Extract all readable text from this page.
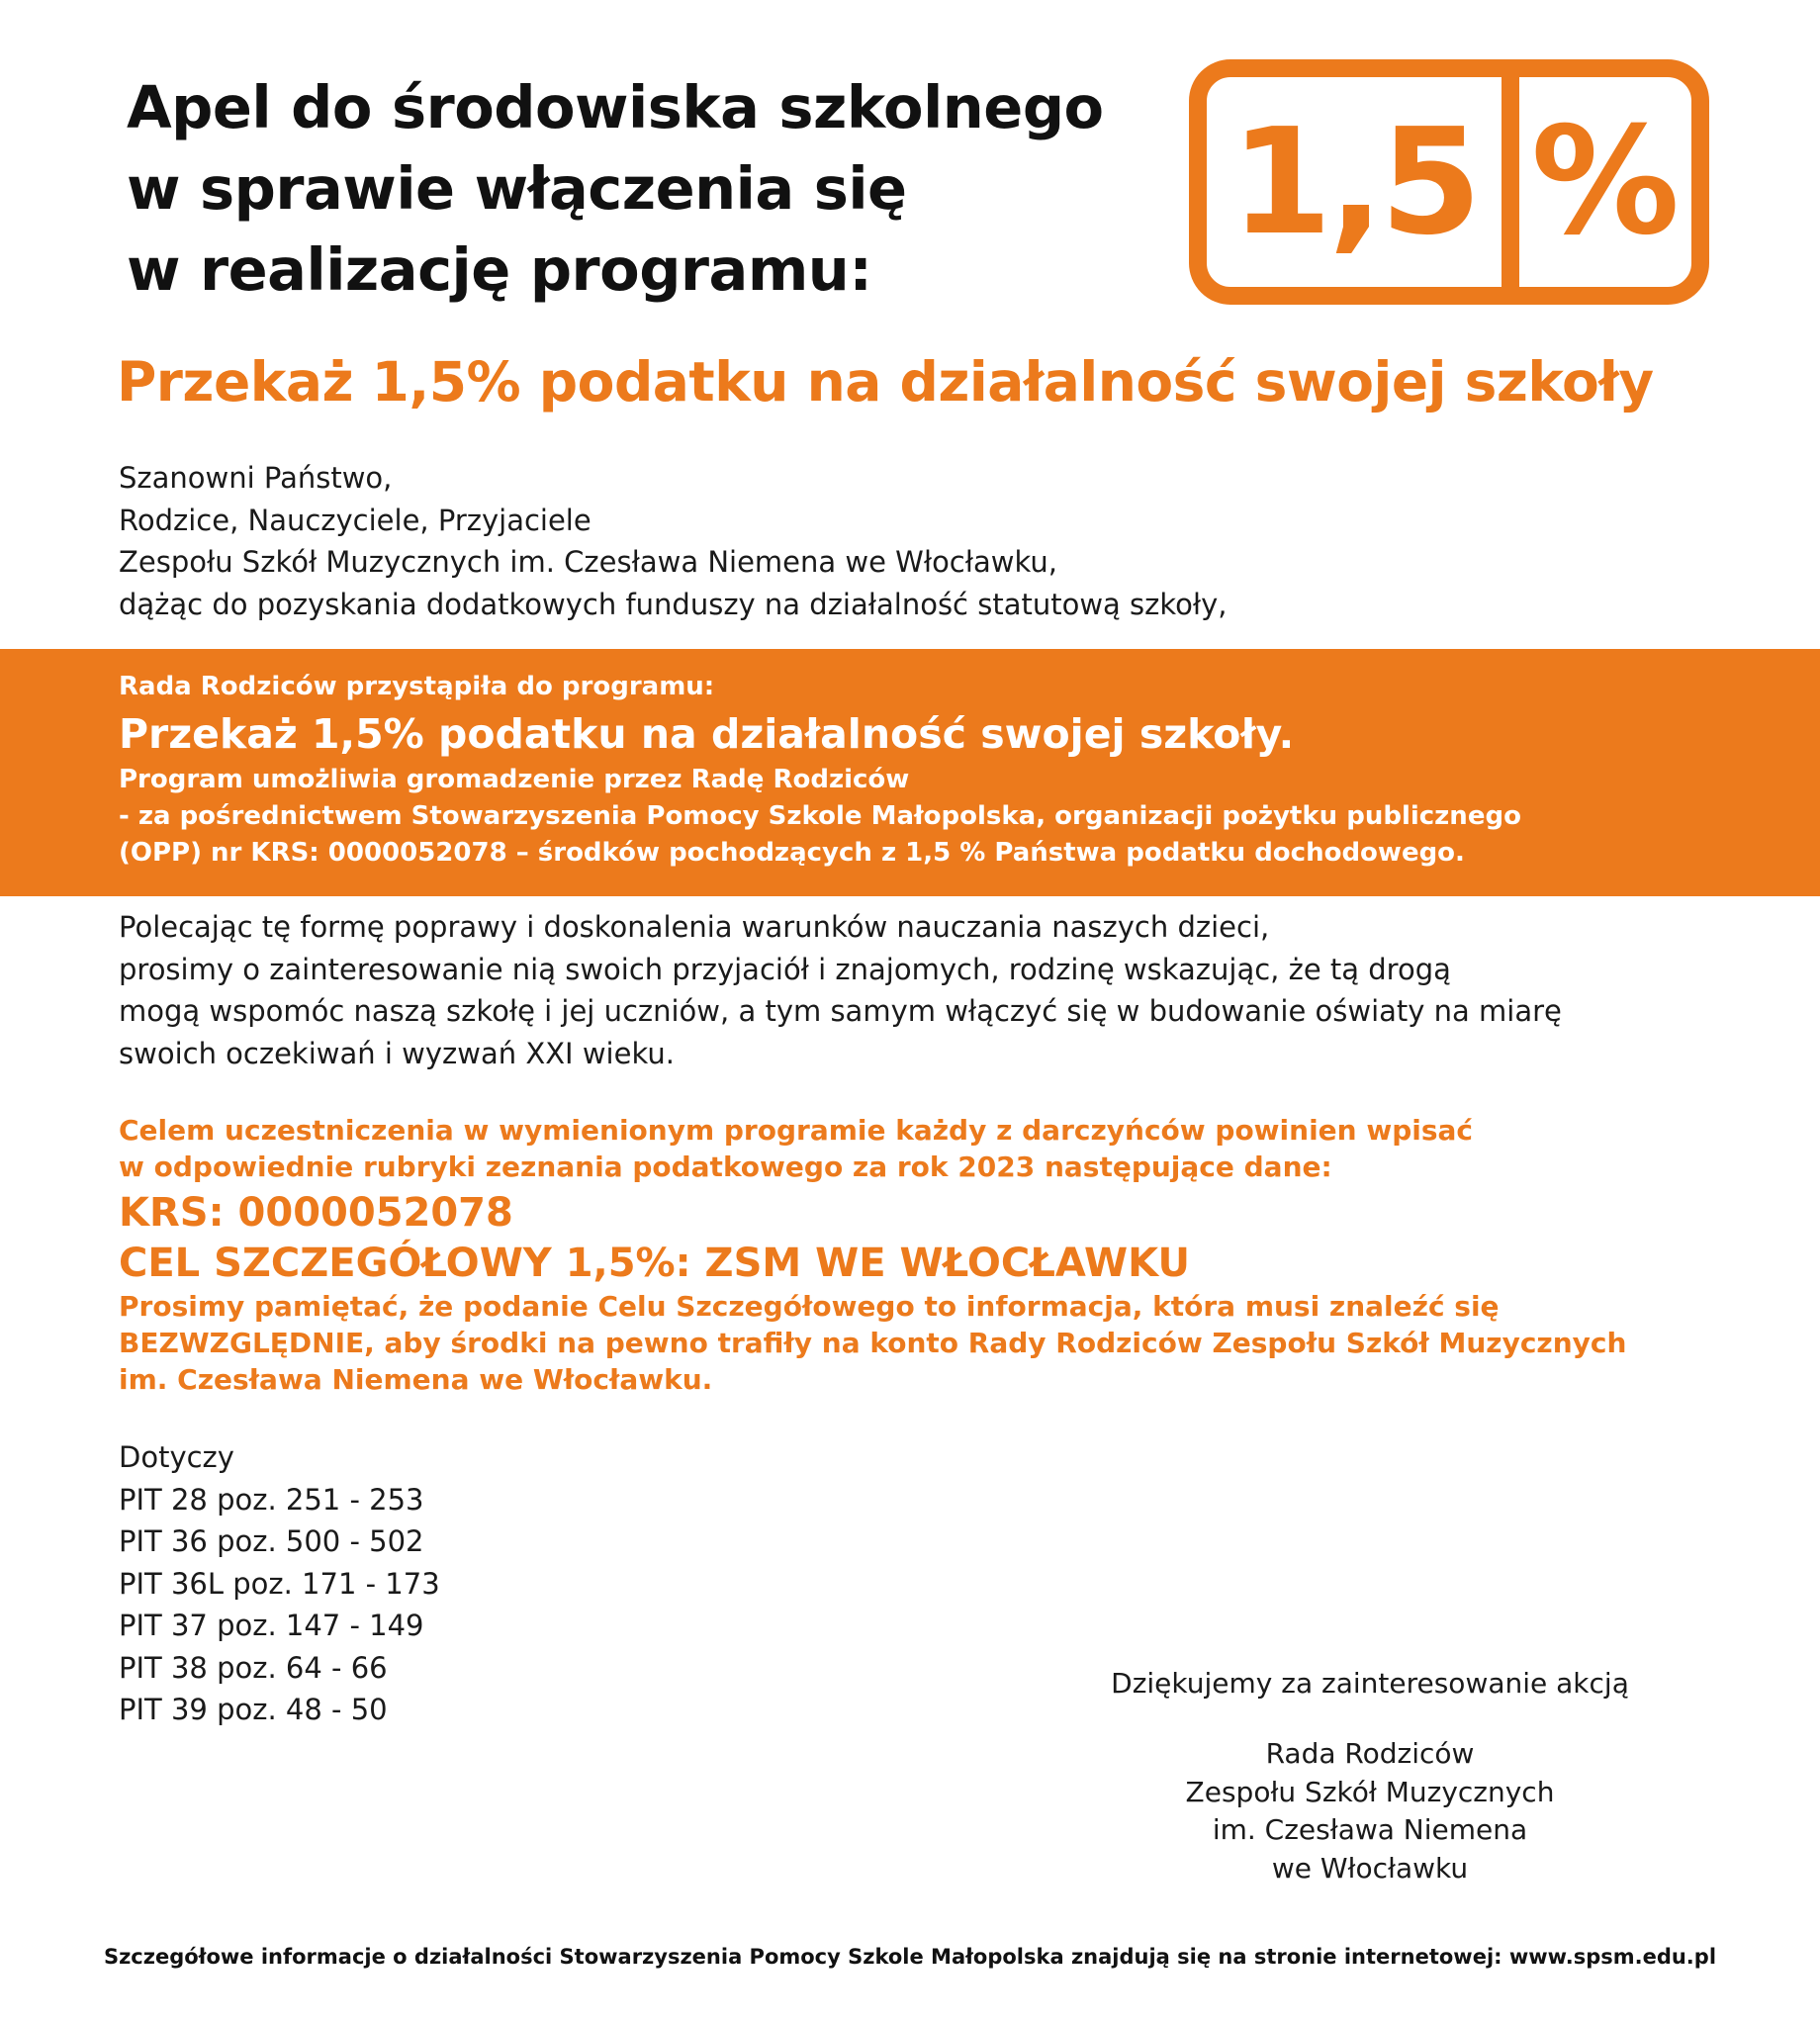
Apel do środowiska szkolnego
w sprawie włączenia się
w realizację programu:
1,5 %
Przekaż 1,5% podatku na działalność swojej szkoły
Szanowni Państwo,
Rodzice, Nauczyciele, Przyjaciele
Zespołu Szkół Muzycznych im. Czesława Niemena we Włocławku,
dążąc do pozyskania dodatkowych funduszy na działalność statutową szkoły,
Rada Rodziców przystąpiła do programu:
Przekaż 1,5% podatku na działalność swojej szkoły.
Program umożliwia gromadzenie przez Radę Rodziców
- za pośrednictwem Stowarzyszenia Pomocy Szkole Małopolska, organizacji pożytku publicznego
(OPP) nr KRS: 0000052078 – środków pochodzących z 1,5 % Państwa podatku dochodowego.
Polecając tę formę poprawy i doskonalenia warunków nauczania naszych dzieci,
prosimy o zainteresowanie nią swoich przyjaciół i znajomych, rodzinę wskazując, że tą drogą
mogą wspomóc naszą szkołę i jej uczniów, a tym samym włączyć się w budowanie oświaty na miarę
swoich oczekiwań i wyzwań XXI wieku.
Celem uczestniczenia w wymienionym programie każdy z darczyńców powinien wpisać
w odpowiednie rubryki zeznania podatkowego za rok 2023 następujące dane:
KRS: 0000052078
CEL SZCZEGÓŁOWY 1,5%: ZSM WE WŁOCŁAWKU
Prosimy pamiętać, że podanie Celu Szczegółowego to informacja, która musi znaleźć się
BEZWZGLĘDNIE, aby środki na pewno trafiły na konto Rady Rodziców Zespołu Szkół Muzycznych
im. Czesława Niemena we Włocławku.
Dotyczy
PIT 28 poz. 251 - 253
PIT 36 poz. 500 - 502
PIT 36L poz. 171 - 173
PIT 37 poz. 147 - 149
PIT 38 poz. 64 - 66
PIT 39 poz. 48 - 50
Dziękujemy za zainteresowanie akcją
Rada Rodziców
Zespołu Szkół Muzycznych
im. Czesława Niemena
we Włocławku
Szczegółowe informacje o działalności Stowarzyszenia Pomocy Szkole Małopolska znajdują się na stronie internetowej: www.spsm.edu.pl
